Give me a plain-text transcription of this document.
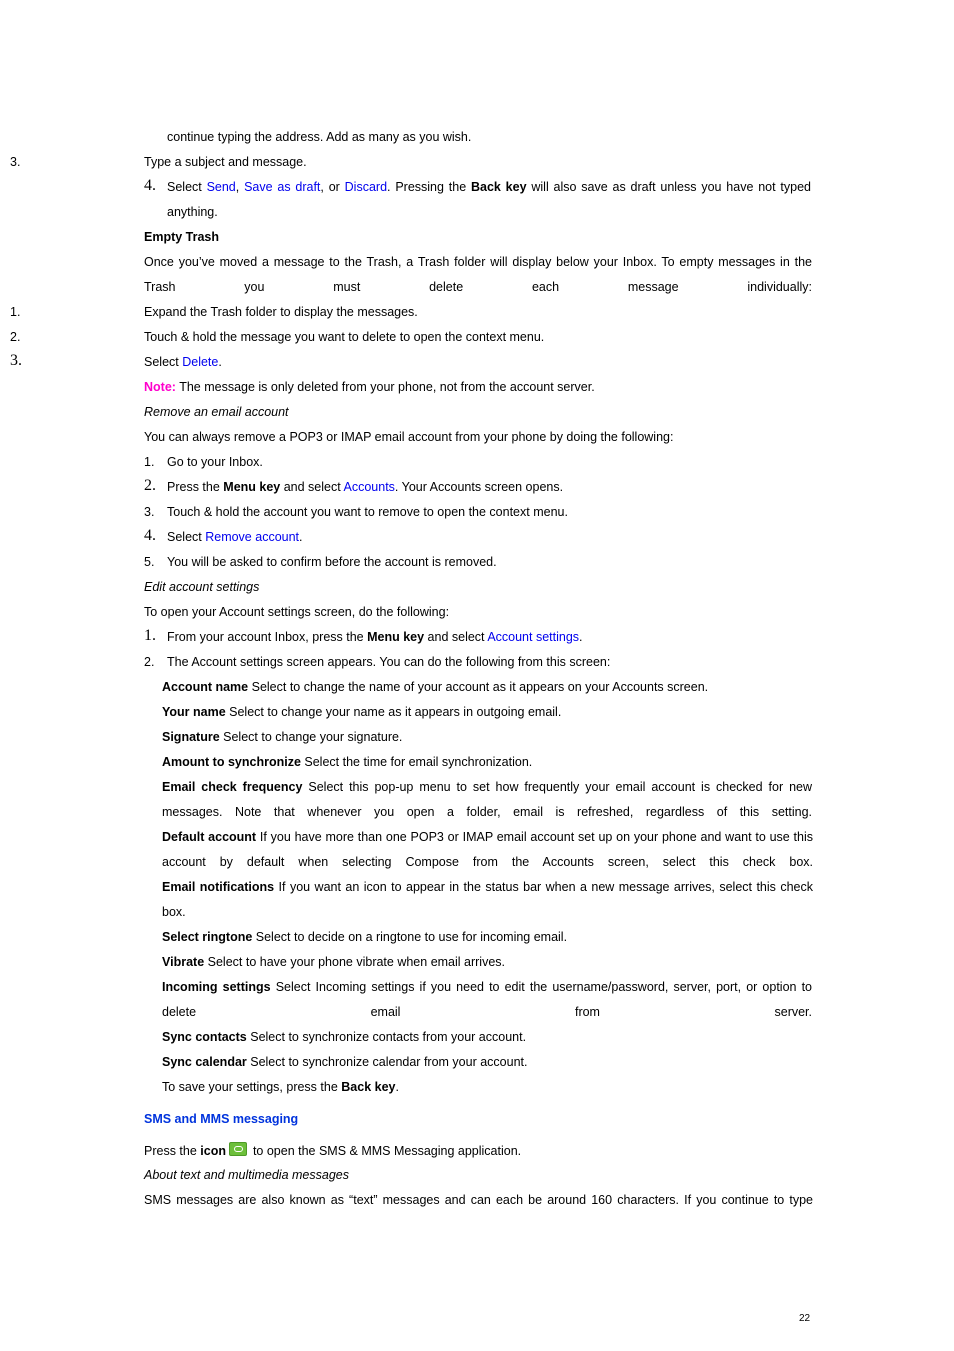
continue typing the address. Add as many as you wish.
3.	Type a subject and message.
4. Select Send, Save as draft, or Discard. Pressing the Back key will also save as draft unless you have not typed anything.
Empty Trash
Once you’ve moved a message to the Trash, a Trash folder will display below your Inbox. To empty messages in the Trash you must delete each message individually:
1.	Expand the Trash folder to display the messages.
2.	Touch & hold the message you want to delete to open the context menu.
3.	Select Delete.
Note: The message is only deleted from your phone, not from the account server.
Remove an email account
You can always remove a POP3 or IMAP email account from your phone by doing the following:
1. Go to your Inbox.
2. Press the Menu key and select Accounts. Your Accounts screen opens.
3. Touch & hold the account you want to remove to open the context menu.
4. Select Remove account.
5. You will be asked to confirm before the account is removed.
Edit account settings
To open your Account settings screen, do the following:
1. From your account Inbox, press the Menu key and select Account settings.
2. The Account settings screen appears. You can do the following from this screen:
Account name Select to change the name of your account as it appears on your Accounts screen.
Your name Select to change your name as it appears in outgoing email.
Signature Select to change your signature.
Amount to synchronize Select the time for email synchronization.
Email check frequency Select this pop-up menu to set how frequently your email account is checked for new messages. Note that whenever you open a folder, email is refreshed, regardless of this setting.
Default account If you have more than one POP3 or IMAP email account set up on your phone and want to use this account by default when selecting Compose from the Accounts screen, select this check box.
Email notifications If you want an icon to appear in the status bar when a new message arrives, select this check box.
Select ringtone Select to decide on a ringtone to use for incoming email.
Vibrate Select to have your phone vibrate when email arrives.
Incoming settings Select Incoming settings if you need to edit the username/password, server, port, or option to delete email from server.
Sync contacts Select to synchronize contacts from your account.
Sync calendar Select to synchronize calendar from your account.
To save your settings, press the Back key.
SMS and MMS messaging
Press the icon  to open the SMS & MMS Messaging application.
About text and multimedia messages
SMS messages are also known as “text” messages and can each be around 160 characters. If you continue to type
22
